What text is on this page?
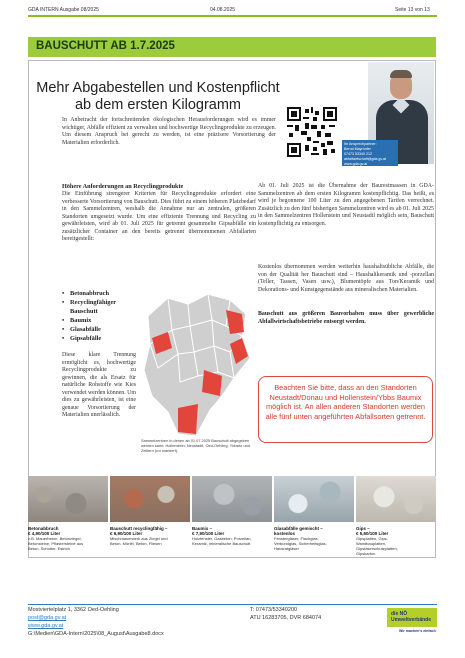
GDA INTERN Ausgabe 08/2025	04.08.2025	Seite 13 von 13
BAUSCHUTT AB 1.7.2025
Mehr Abgabestellen und Kostenpflicht ab dem ersten Kilogramm
Ihr Ansprechpartner:
Bernd Mayrhofer
07473 53340 212
abfallwirtschaft@gda.gv.at
www.gda.gv.at
In Anbetracht der fortschreitenden ökologischen Herausforderungen wird es immer wichtiger, Abfälle effizient zu verwalten und hochwertige Recyclingprodukte zu erzeugen. Um diesem Anspruch bei gerecht zu werden, ist eine präzisere Vorsortierung der Materialien erforderlich.
Höhere Anforderungen an Recyclingprodukte
Die Einführung strengerer Kriterien für Recyclingprodukte erfordert eine verbesserte Vorsortierung von Bauschutt. Dies führt zu einem höheren Platzbedarf in den Sammelzentren, weshalb die Annahme nur an zentralen, größeren Standorten umgesetzt wurde. Um eine effiziente Trennung und Recycling zu gewährleisten, wird ab 01. Juli 2025 für getrennt gesammelte Gipsabfälle ein zusätzlicher Container an den bereits getrennt übernommenen Abfallarten bereitgestellt:
• Betonabbruch
• Recyclingfähiger Bauschutt
• Baumix
• Glasabfälle
• Gipsabfälle
Diese klare Trennung ermöglicht es, hochwertige Recyclingprodukte zu gewinnen, die als Ersatz für natürliche Rohstoffe wie Kies verwendet werden können. Um dies zu gewährleisten, ist eine genaue Vorsortierung der Materialien unerlässlich.
Sammelzentren in denen ab 01.07.2025 Bauschutt abgegeben werden kann: Hollenstein, Neustadtl, Oed-Oehling, Ybbsitz und Zeillern (rot markiert).
Ab 01. Juli 2025 ist die Übernahme der Baurestmassen in GDA-Sammelzentren ab dem ersten Kilogramm kostenpflichtig. Das heißt, es wird je begonnene 100 Liter zu den angegebenen Tarifen verrechnet. Zusätzlich zu den fünf bisherigen Sammelzentren wird es ab 01. Juli 2025 in den Sammelzentren Hollenstein und Neustadtl möglich sein, Bauschutt kostenpflichtig zu entsorgen.
Kostenlos übernommen werden weiterhin haushaltsübliche Abfälle, die von der Qualität her Bauschutt sind – Haushaltkeramik und -porzellan (Teller, Tassen, Vasen usw.), Blumentöpfe aus Ton/Keramik und Dekorations- und Kunstgegenstände aus mineralischen Materialien.
Bauschutt aus größeren Bauvorhaben muss über gewerbliche Abfallwirtschaftsbetriebe entsorgt werden.
Beachten Sie bitte, dass an den Standorten Neustadt/Donau und Hollenstein/Ybbs Baumix möglich ist. An allen anderen Standorten werden alle fünf unten angeführten Abfallsorten getrennt.
Betonabbruch
€ 4,90/100 Liter
z.B. Mauerbeton, Betonziegel, Betonsteine, Pflastersteine aus Beton, Schotter, Estrich
Bauschutt recyclingfähig –
€ 6,90/100 Liter
Mischmauerwerk aus Ziegel und Beton, Mörtel, Beton, Fliesen
Baumix –
€ 7,90/100 Liter
Holzfenster, Gasbeton, Porzellan, Keramik, mineralische Bauschutt
Glasabfälle gemischt –
kostenlos
Fenstergläser, Flachglas, Verbundglas, Sicherheitsglas, Hausratgläser
Gips –
€ 5,60/100 Liter
Gipsplatten, Gips-Wandbauplatten, Gipsfaserschutzplatten, Gipskarton
Mostviertelplatz 1, 3362 Oed-Oehling
post@gda.gv.at
www.gda.gv.at
G:\Medien\GDA-Intern\2025\08_August\Ausgabe8.docx
T: 07473/53340200
ATU 16283705, DVR 684074
die NÖ
Umweltverbände
Wir machen's einfach
